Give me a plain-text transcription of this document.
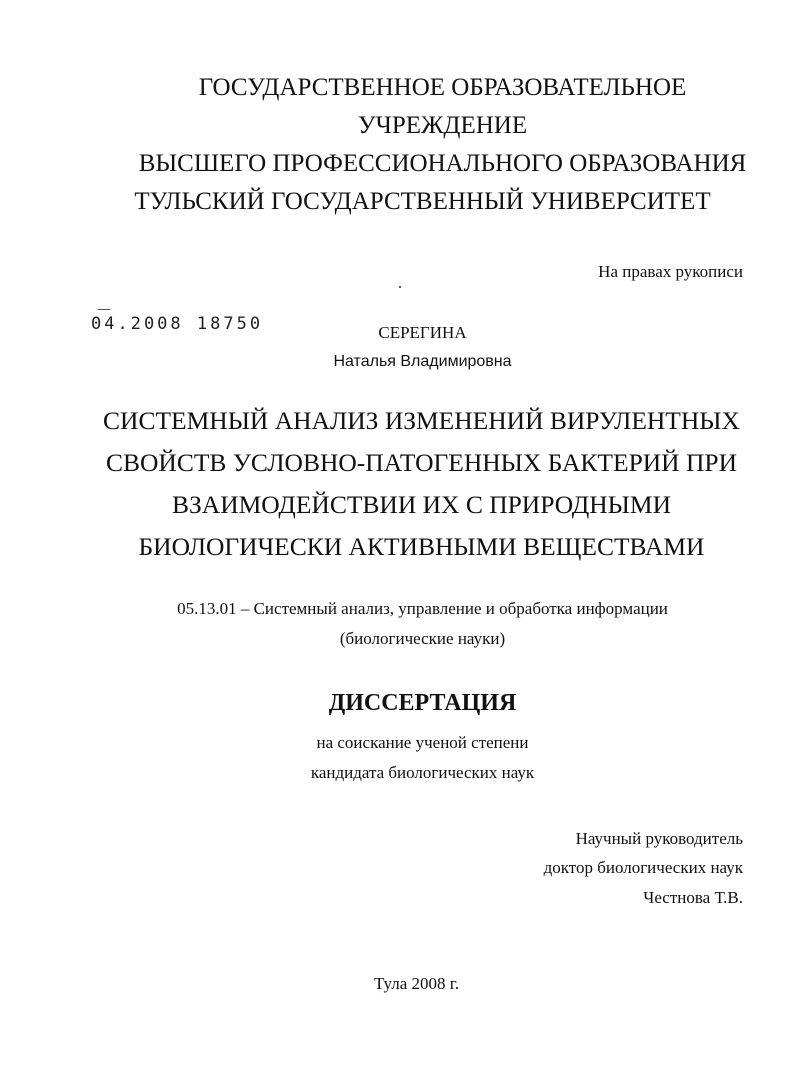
ГОСУДАРСТВЕННОЕ ОБРАЗОВАТЕЛЬНОЕ
УЧРЕЖДЕНИЕ
ВЫСШЕГО ПРОФЕССИОНАЛЬНОГО ОБРАЗОВАНИЯ
ТУЛЬСКИЙ ГОСУДАРСТВЕННЫЙ УНИВЕРСИТЕТ
На правах рукописи
04.2008 18750	СЕРЕГИНА
Наталья Владимировна
СИСТЕМНЫЙ АНАЛИЗ ИЗМЕНЕНИЙ ВИРУЛЕНТНЫХ
СВОЙСТВ УСЛОВНО-ПАТОГЕННЫХ БАКТЕРИЙ ПРИ
ВЗАИМОДЕЙСТВИИ ИХ С ПРИРОДНЫМИ
БИОЛОГИЧЕСКИ АКТИВНЫМИ ВЕЩЕСТВАМИ
05.13.01 – Системный анализ, управление и обработка информации
(биологические науки)
ДИССЕРТАЦИЯ
на соискание ученой степени
кандидата биологических наук
Научный руководитель
доктор биологических наук
Честнова Т.В.
Тула 2008 г.
